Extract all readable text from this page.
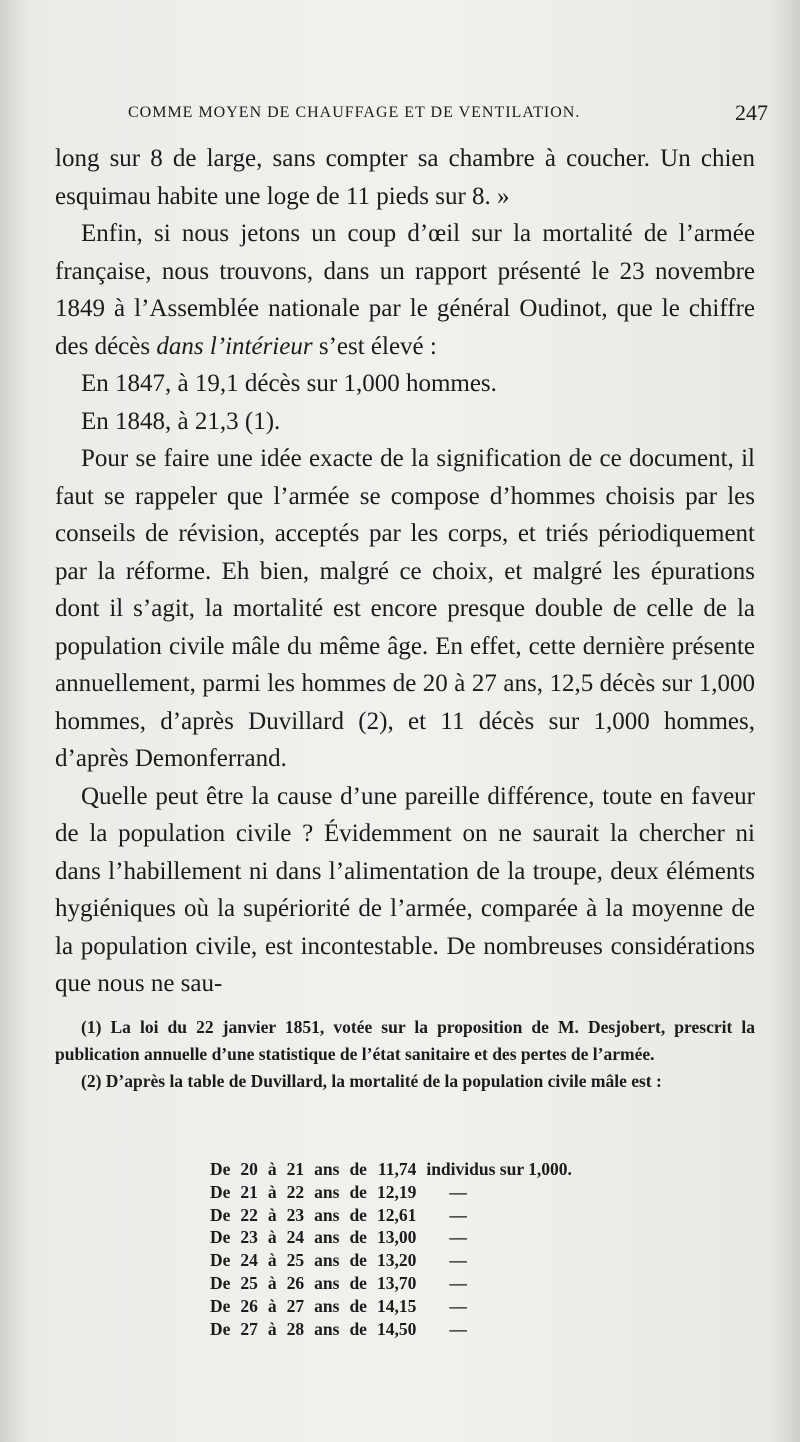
COMME MOYEN DE CHAUFFAGE ET DE VENTILATION.	247

long sur 8 de large, sans compter sa chambre à coucher. Un chien esquimau habite une loge de 11 pieds sur 8. »

Enfin, si nous jetons un coup d’œil sur la mortalité de l’armée française, nous trouvons, dans un rapport présenté le 23 novembre 1849 à l’Assemblée nationale par le général Oudinot, que le chiffre des décès dans l’intérieur s’est élevé :

En 1847, à 19,1 décès sur 1,000 hommes.

En 1848, à 21,3 (1).

Pour se faire une idée exacte de la signification de ce document, il faut se rappeler que l’armée se compose d’hommes choisis par les conseils de révision, acceptés par les corps, et triés périodiquement par la réforme. Eh bien, malgré ce choix, et malgré les épurations dont il s’agit, la mortalité est encore presque double de celle de la population civile mâle du même âge. En effet, cette dernière présente annuellement, parmi les hommes de 20 à 27 ans, 12,5 décès sur 1,000 hommes, d’après Duvillard (2), et 11 décès sur 1,000 hommes, d’après Demonferrand.

Quelle peut être la cause d’une pareille différence, toute en faveur de la population civile ? Évidemment on ne saurait la chercher ni dans l’habillement ni dans l’alimentation de la troupe, deux éléments hygiéniques où la supériorité de l’armée, comparée à la moyenne de la population civile, est incontestable. De nombreuses considérations que nous ne sau-

(1) La loi du 22 janvier 1851, votée sur la proposition de M. Desjobert, prescrit la publication annuelle d’une statistique de l’état sanitaire et des pertes de l’armée.

(2) D’après la table de Duvillard, la mortalité de la population civile mâle est :

De	20	à	21	ans	de	11,74	individus sur 1,000.
De	21	à	22	ans	de	12,19	—
De	22	à	23	ans	de	12,61	—
De	23	à	24	ans	de	13,00	—
De	24	à	25	ans	de	13,20	—
De	25	à	26	ans	de	13,70	—
De	26	à	27	ans	de	14,15	—
De	27	à	28	ans	de	14,50	—
